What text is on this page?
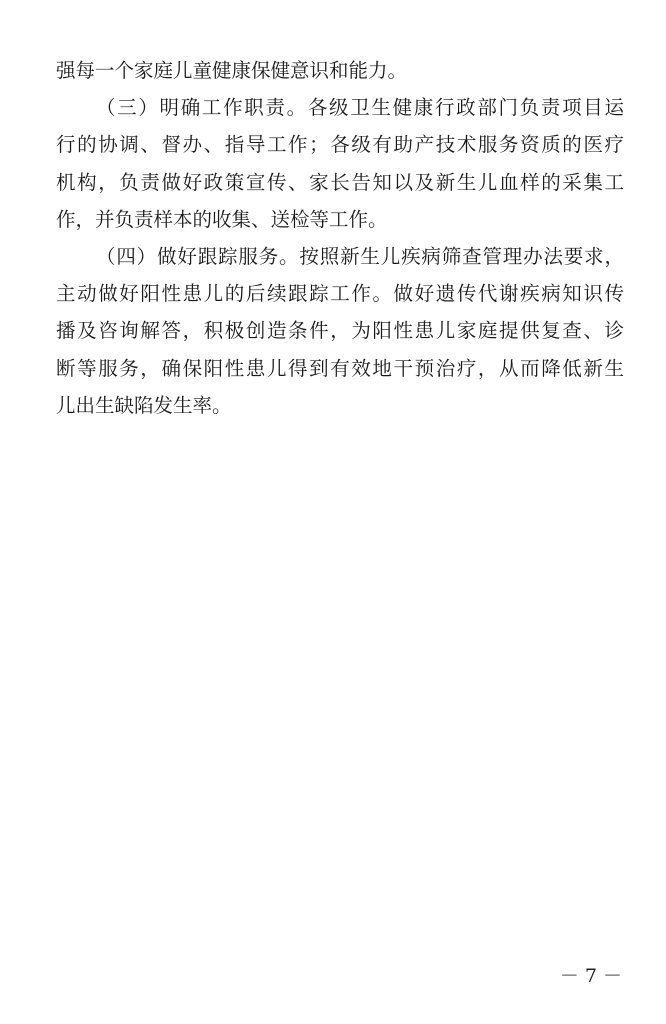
强每一个家庭儿童健康保健意识和能力。
（三）明确工作职责。各级卫生健康行政部门负责项目运
行的协调、督办、指导工作；各级有助产技术服务资质的医疗
机构，负责做好政策宣传、家长告知以及新生儿血样的采集工
作，并负责样本的收集、送检等工作。
（四）做好跟踪服务。按照新生儿疾病筛查管理办法要求，
主动做好阳性患儿的后续跟踪工作。做好遗传代谢疾病知识传
播及咨询解答，积极创造条件，为阳性患儿家庭提供复查、诊
断等服务，确保阳性患儿得到有效地干预治疗，从而降低新生
儿出生缺陷发生率。
－ 7 －
